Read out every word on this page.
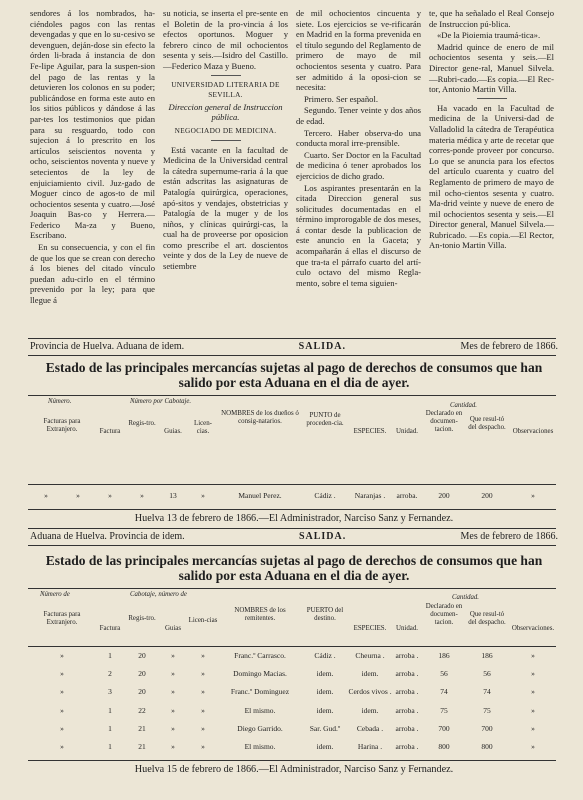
sendores á los nombrados, ha-ciéndoles pagos con las rentas devengadas y que en lo su-cesivo se devenguen, deján-dose sin efecto la órden li-brada á instancia de don Fe-lipe Aguilar, para la suspen-sion del pago de las rentas y la detuvieren los colonos en su poder; publicándose en forma este auto en los sitios públicos y dándose á las par-tes los testimonios que pidan para su resguardo, todo con sujecion á lo prescrito en los artículos seiscientos noventa y ocho, seiscientos noventa y nueve y setecientos de la ley de enjuiciamiento civil. Juz-gado de Moguer cinco de agos-to de mil ochocientos sesenta y cuatro.—José Joaquin Bas-co y Herrera.—Federico Ma-za y Bueno, Escribano.

En su consecuencia, y con el fin de que los que se crean con derecho á los bienes del citado vínculo puedan adu-cirlo en el término prevenido por la ley; para que llegue á

su noticia, se inserta el pre-sente en el Boletin de la pro-vincia á los efectos oportunos. Moguer y febrero cinco de mil ochocientos sesenta y seis.—Isidro del Castillo.—Federico Maza y Bueno.

UNIVERSIDAD LITERARIA DE SEVILLA.

Direccion general de Instruccion pública.

NEGOCIADO DE MEDICINA.

Está vacante en la facultad de Medicina de la Universidad central la cátedra supernume-raria á la que están adscritas las asignaturas de Patalogía quirúrgica, operaciones, apó-sitos y vendajes, obstetricias y Patalogía de la muger y de los niños, y clínicas quirúrgi-cas, la cual ha de proveerse por oposicion como prescribe el art. doscientos veinte y dos de la Ley de nueve de setiembre

de mil ochocientos cincuenta y siete. Los ejercicios se ve-rificarán en Madrid en la forma prevenida en el título segundo del Reglamento de primero de mayo de mil ochocientos sesenta y cuatro. Para ser admitido á la oposi-cion se necesita:

Primero. Ser español.

Segundo. Tener veinte y dos años de edad.

Tercero. Haber observa-do una conducta moral irre-prensible.

Cuarto. Ser Doctor en la Facultad de medicina ó tener aprobados los ejercicios de dicho grado.

Los aspirantes presentarán en la citada Direccion general sus solicitudes documentadas en el término improrogable de dos meses, á contar desde la publicacion de este anuncio en la Gaceta; y acompañarán á ellas el discurso de que tra-ta el párrafo cuarto del artí-culo octavo del mismo Regla-mento, sobre el tema siguien-

te, que ha señalado el Real Consejo de Instruccion pú-blica.

«De la Pioiemia traumá-tica».

Madrid quince de enero de mil ochocientos sesenta y seis.—El Director gene-ral, Manuel Silvela.—Rubri-cado.—Es copia.—El Rec-tor, Antonio Martin Villa.

Ha vacado en la Facultad de medicina de la Universi-dad de Valladolid la cátedra de Terapéutica materia médica y arte de recetar que corres-ponde proveer por concurso. Lo que se anuncia para los efectos del artículo cuarenta y cuatro del Reglamento de primero de mayo de mil ocho-cientos sesenta y cuatro. Ma-drid veinte y nueve de enero de mil ochocientos sesenta y seis.—El Director general, Manuel Silvela.—Rubricado. —Es copia.—El Rector, An-tonio Martin Villa.

Provincia de Huelva. Aduana de idem.	SALIDA.	Mes de febrero de 1866.
Estado de las principales mercancías sujetas al pago de derechos de consumos que han salido por esta Aduana en el dia de ayer.
Número.	Número por Cabotaje.
Cantidad.
Facturas para Extranjero.	Factura
Regis-tro.
Guias.
Licen-cias.
NOMBRES de los dueños ó consig-natarios.
PUNTO de proceden-cia.
ESPECIES.	Unidad.
Declarado en documen-tacion.
Que resul-tó del despacho.
Observaciones
»	»	»	»	13	»	Manuel Perez.	Cádiz .	Naranjas .	arroba.	200	200	»
Huelva 13 de febrero de 1866.—El Administrador, Narciso Sanz y Fernandez.
Aduana de Huelva. Provincia de idem.	SALIDA.	Mes de febrero de 1866.
Estado de las principales mercancías sujetas al pago de derechos de consumos que han salido por esta Aduana en el dia de ayer.
Número de	Cabotaje, número de	Cantidad.
Facturas para Extranjero.
Factura
Regis-tro.
Guias
Licen-cias
NOMBRES de los remitentes.
PUERTO del destino.
ESPECIES.	Unidad.
Declarado en documen-tacion.
Que resul-tó del despacho.
Observaciones.
»	1	20	»	»	Franc.º Carrasco.	Cádiz .	Cheurna .	arroba .	186	186	»
»	2	20	»	»	Domingo Macias.	idem.	idem.	arroba .	56	56	»
»	3	20	»	»	Franc.º Dominguez	idem.	Cerdos vivos . arroba .	74	74	»
»	1	22	»	»	El mismo.	idem.	idem.	arroba .	75	75	»
»	1	21	»	»	Diego Garrido.	Sar. Gud.º	Cebada .	arroba .	700	700	»
»	1	21	»	»	El mismo.	idem.	Harina .	arroba .	800	800	»
Huelva 15 de febrero de 1866.—El Administrador, Narciso Sanz y Fernandez.
